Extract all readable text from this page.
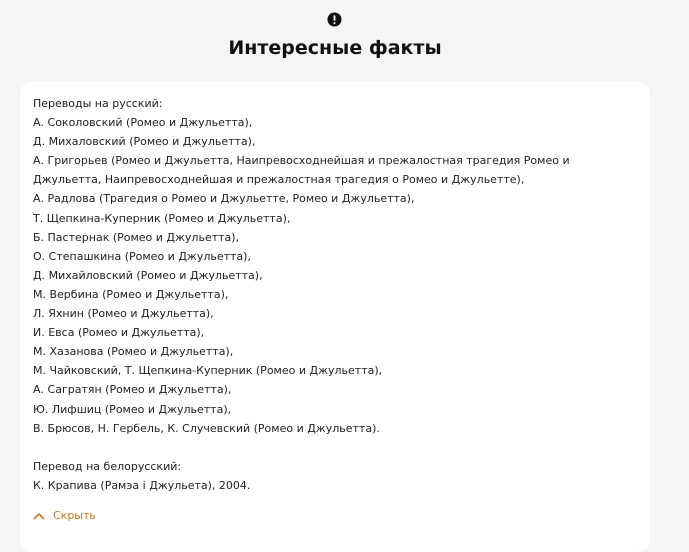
Интересные факты
Переводы на русский:
А. Соколовский (Ромео и Джульетта),
Д. Михаловский (Ромео и Джульетта),
А. Григорьев (Ромео и Джульетта, Наипревосходнейшая и прежалостная трагедия Ромео и Джульетта, Наипревосходнейшая и прежалостная трагедия о Ромео и Джульетте),
А. Радлова (Трагедия о Ромео и Джульетте, Ромео и Джульетта),
Т. Щепкина-Куперник (Ромео и Джульетта),
Б. Пастернак (Ромео и Джульетта),
О. Степашкина (Ромео и Джульетта),
Д. Михайловский (Ромео и Джульетта),
М. Вербина (Ромео и Джульетта),
Л. Яхнин (Ромео и Джульетта),
И. Евса (Ромео и Джульетта),
М. Хазанова (Ромео и Джульетта),
М. Чайковский, Т. Щепкина-Куперник (Ромео и Джульетта),
А. Сагратян (Ромео и Джульетта),
Ю. Лифшиц (Ромео и Джульетта),
В. Брюсов, Н. Гербель, К. Случевский (Ромео и Джульетта).
Перевод на белорусский:
К. Крапива (Рамэа і Джульета), 2004.
Скрыть
